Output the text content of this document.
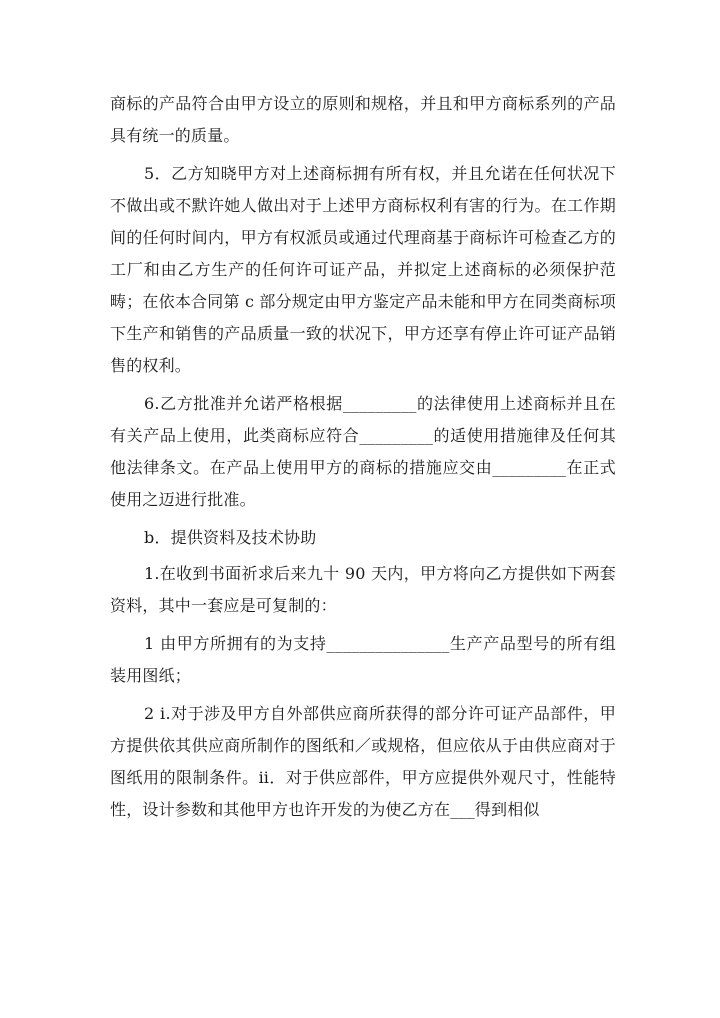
商标的产品符合由甲方设立的原则和规格，并且和甲方商标系列的产品具有统一的质量。

5．乙方知晓甲方对上述商标拥有所有权，并且允诺在任何状况下不做出或不默许她人做出对于上述甲方商标权利有害的行为。在工作期间的任何时间内，甲方有权派员或通过代理商基于商标许可检查乙方的工厂和由乙方生产的任何许可证产品，并拟定上述商标的必须保护范畴；在依本合同第 c 部分规定由甲方鉴定产品未能和甲方在同类商标项下生产和销售的产品质量一致的状况下，甲方还享有停止许可证产品销售的权利。

6.乙方批准并允诺严格根据_________的法律使用上述商标并且在有关产品上使用，此类商标应符合_________的适使用措施律及任何其他法律条文。在产品上使用甲方的商标的措施应交由_________在正式使用之迈进行批准。

b．提供资料及技术协助

1.在收到书面祈求后来九十 90 天内，甲方将向乙方提供如下两套资料，其中一套应是可复制的：

1 由甲方所拥有的为支持_______________生产产品型号的所有组装用图纸；

2 ⅰ.对于涉及甲方自外部供应商所获得的部分许可证产品部件，甲方提供依其供应商所制作的图纸和／或规格，但应依从于由供应商对于图纸用的限制条件。ⅱ．对于供应部件，甲方应提供外观尺寸，性能特性，设计参数和其他甲方也许开发的为使乙方在___得到相似
